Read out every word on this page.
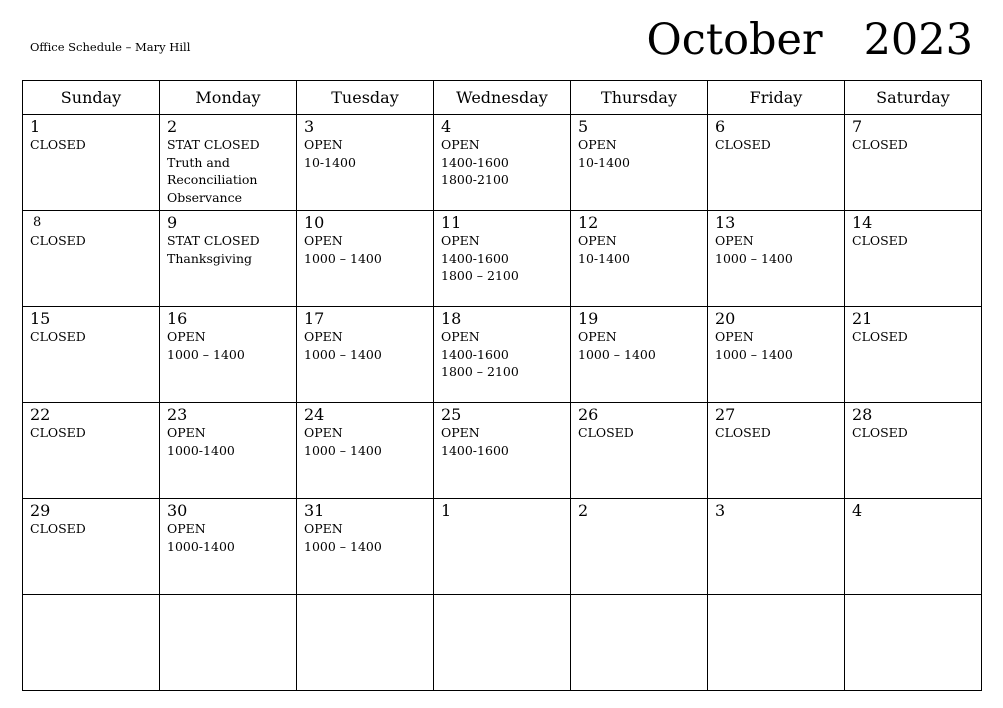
Office Schedule – Mary Hill	October   2023
Sunday	Monday	Tuesday	Wednesday	Thursday	Friday	Saturday

1
CLOSED	2
STAT CLOSED
Truth and
Reconciliation
Observance	3
OPEN
10-1400	4
OPEN
1400-1600
1800-2100	5
OPEN
10-1400	6
CLOSED	7
CLOSED

8
CLOSED	9
STAT CLOSED
Thanksgiving	10
OPEN
1000 – 1400	11
OPEN
1400-1600
1800 – 2100	12
OPEN
10-1400	13
OPEN
1000 – 1400	14
CLOSED

15
CLOSED	16
OPEN
1000 – 1400	17
OPEN
1000 – 1400	18
OPEN
1400-1600
1800 – 2100	19
OPEN
1000 – 1400	20
OPEN
1000 – 1400	21
CLOSED

22
CLOSED	23
OPEN
1000-1400	24
OPEN
1000 – 1400	25
OPEN
1400-1600	26
CLOSED	27
CLOSED	28
CLOSED

29
CLOSED	30
OPEN
1000-1400	31
OPEN
1000 – 1400	1	2	3	4
